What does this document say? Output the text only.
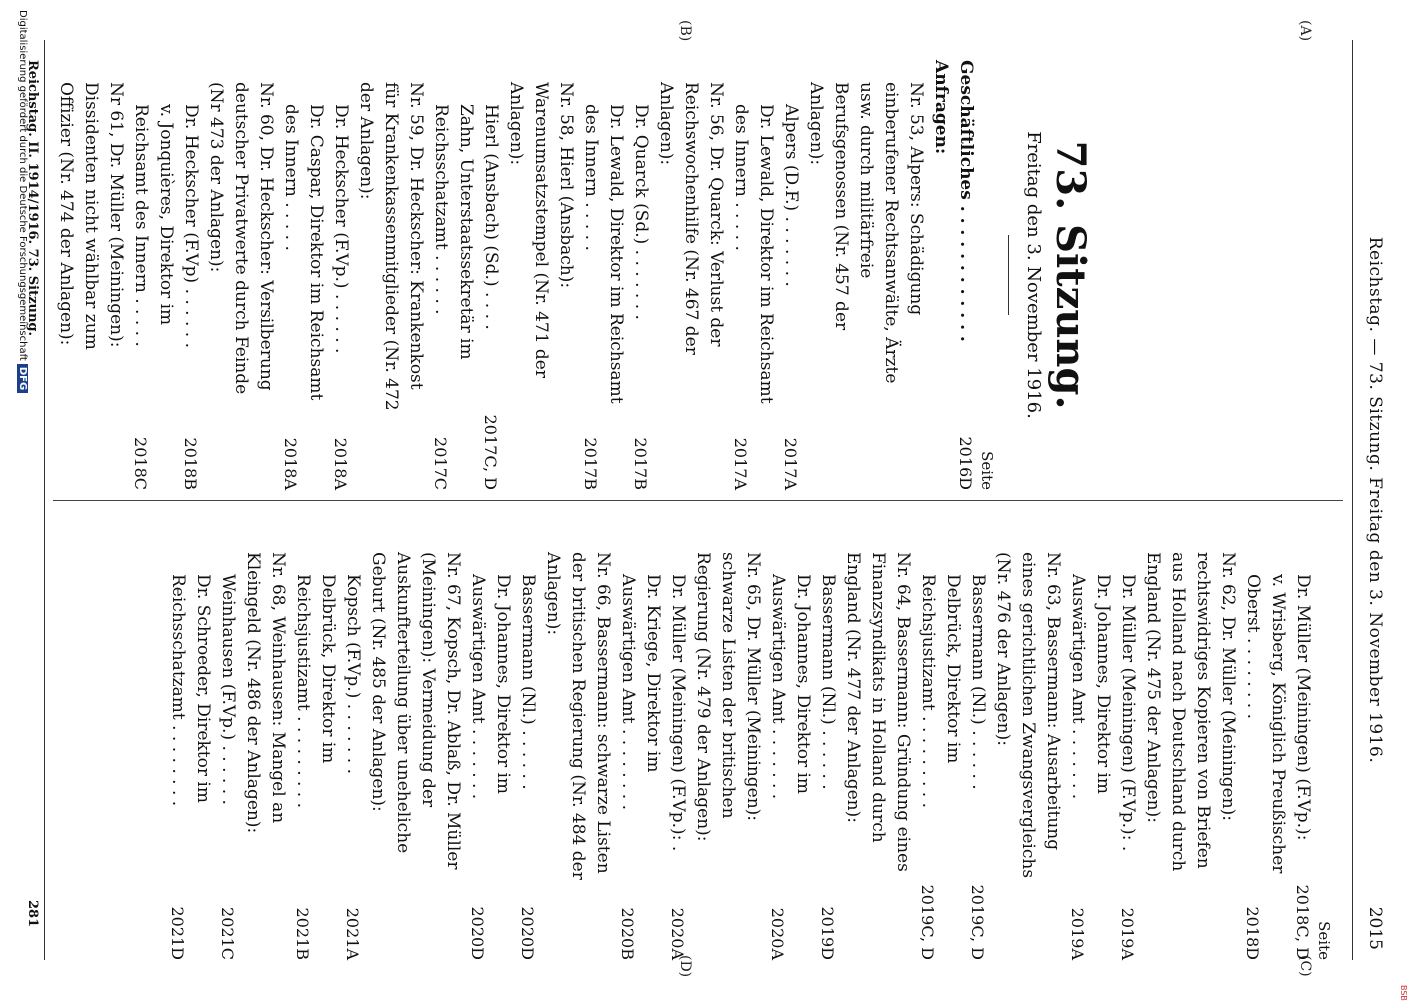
BSB
Reichstag. — 73. Sitzung. Freitag den 3. November 1916.
2015
(A)
(B)
(C)
(D)
73. Sitzung.
Freitag den 3. November 1916.
Seite
Geschäftliches . . . . . . . . . . . .
2016D
Anfragen:
Nr. 53, Alpers: Schädigung einberufener Rechtsanwälte, Ärzte usw. durch militärfreie Berufsgenossen (Nr. 457 der Anlagen):
Alpers (D.F.) . . . . . . .
2017A
Dr. Lewald, Direktor im Reichsamt des Innern . . . . .
2017A
Nr. 56, Dr. Quarck: Verlust der Reichswochenhilfe (Nr. 467 der Anlagen):
Dr. Quarck (Sd.) . . . . . . .
2017B
Dr. Lewald, Direktor im Reichsamt des Innern . . . . .
2017B
Nr. 58, Hierl (Ansbach): Warenumsatzstempel (Nr. 471 der Anlagen):
Hierl (Ansbach) (Sd.) . . . .
2017C, D
Zahn, Unterstaatssekretär im Reichsschatzamt . . . . . .
2017C
Nr. 59, Dr. Heckscher: Krankenkost für Krankenkassenmitglieder (Nr. 472 der Anlagen):
Dr. Heckscher (F.Vp.) . . . . . .
2018A
Dr. Caspar, Direktor im Reichsamt des Innern . . . . .
2018A
Nr. 60, Dr. Heckscher: Versilberung deutscher Privatwerte durch Feinde (Nr 473 der Anlagen):
Dr. Heckscher (F.Vp) . . . . . .
2018B
v. Jonquières, Direktor im Reichsamt des Innern . . . . .
2018C
Nr 61, Dr. Müller (Meiningen): Dissidenten nicht wählbar zum Offizier (Nr. 474 der Anlagen):
Seite
Dr. Müller (Meiningen) (F.Vp.):
2018C, D
v. Wrisberg, Königlich Preußischer Oberst . . . . . . . .
2018D
Nr. 62, Dr. Müller (Meiningen): rechtswidriges Kopieren von Briefen aus Holland nach Deutschland durch England (Nr. 475 der Anlagen):
Dr. Müller (Meiningen) (F.Vp.): .
2019A
Dr. Johannes, Direktor im Auswärtigen Amt . . . . . . .
2019A
Nr. 63, Bassermann: Ausarbeitung eines gerichtlichen Zwangsvergleichs (Nr. 476 der Anlagen):
Bassermann (Nl.) . . . . . .
2019C, D
Delbrück, Direktor im Reichsjustizamt . . . . . . . . .
2019C, D
Nr. 64, Bassermann: Gründung eines Finanzsyndikats in Holland durch England (Nr. 477 der Anlagen):
Bassermann (Nl.) . . . . . .
2019D
Dr. Johannes, Direktor im Auswärtigen Amt . . . . . . .
2020A
Nr. 65, Dr. Müller (Meiningen): schwarze Listen der britischen Regierung (Nr. 479 der Anlagen):
Dr. Müller (Meiningen) (F.Vp.): .
2020A
Dr. Kriege, Direktor im Auswärtigen Amt . . . . . . . .
2020B
Nr. 66, Bassermann: schwarze Listen der britischen Regierung (Nr. 484 der Anlagen):
Bassermann (Nl.) . . . . . .
2020D
Dr. Johannes, Direktor im Auswärtigen Amt . . . . . . .
2020D
Nr. 67, Kopsch, Dr. Ablaß, Dr. Müller (Meiningen): Vermeidung der Auskunfterteilung über uneheliche Geburt (Nr. 485 der Anlagen):
Kopsch (F.Vp.) . . . . . . .
2021A
Delbrück, Direktor im Reichsjustizamt . . . . . . . . .
2021B
Nr. 68, Weinhausen: Mangel an Kleingeld (Nr. 486 der Anlagen):
Weinhausen (F.Vp.) . . . . . .
2021C
Dr. Schroeder, Direktor im Reichsschatzamt . . . . . . . .
2021D
Reichstag. II. 1914/1916. 73. Sitzung.
281
Digitalisierung gefördert durch die Deutsche ForschungsgemeinschaftDFG
